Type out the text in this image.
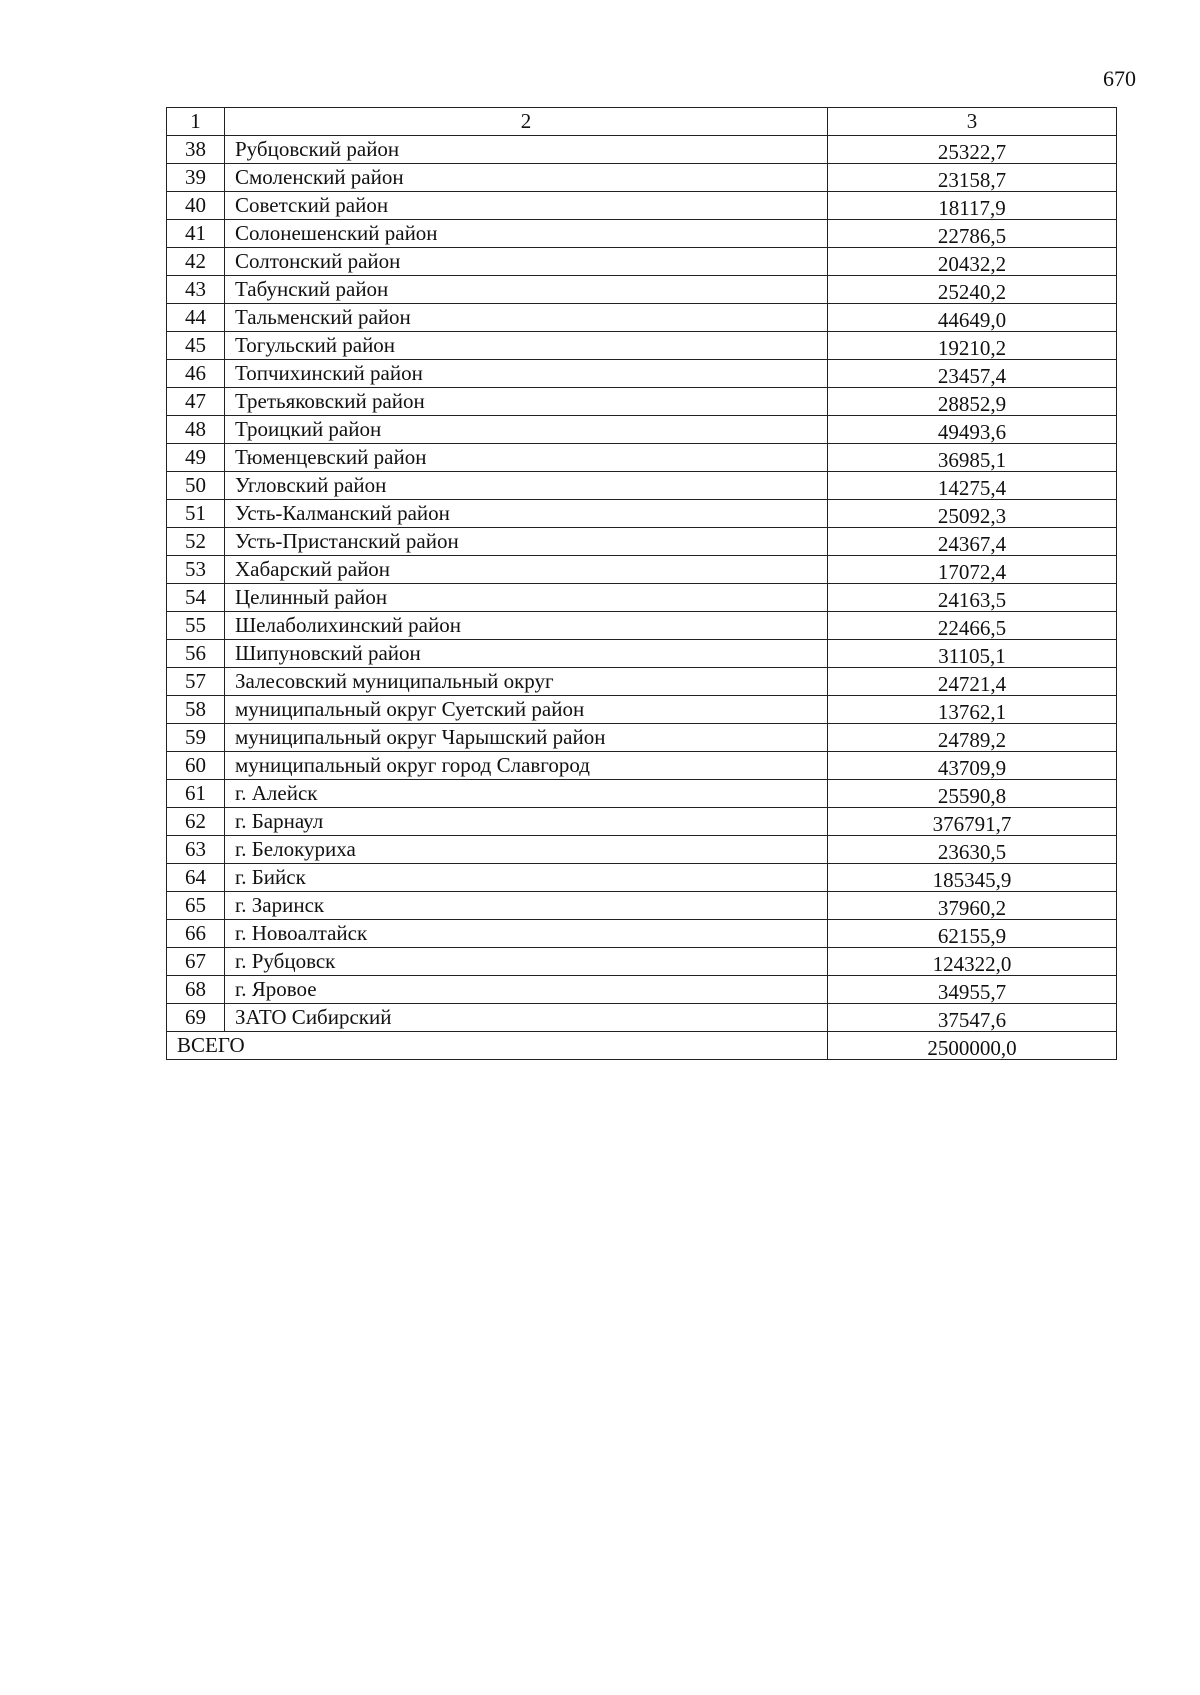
670
1	2	3
38	Рубцовский район	25322,7
39	Смоленский район	23158,7
40	Советский район	18117,9
41	Солонешенский район	22786,5
42	Солтонский район	20432,2
43	Табунский район	25240,2
44	Тальменский район	44649,0
45	Тогульский район	19210,2
46	Топчихинский район	23457,4
47	Третьяковский район	28852,9
48	Троицкий район	49493,6
49	Тюменцевский район	36985,1
50	Угловский район	14275,4
51	Усть-Калманский район	25092,3
52	Усть-Пристанский район	24367,4
53	Хабарский район	17072,4
54	Целинный район	24163,5
55	Шелаболихинский район	22466,5
56	Шипуновский район	31105,1
57	Залесовский муниципальный округ	24721,4
58	муниципальный округ Суетский район	13762,1
59	муниципальный округ Чарышский район	24789,2
60	муниципальный округ город Славгород	43709,9
61	г. Алейск	25590,8
62	г. Барнаул	376791,7
63	г. Белокуриха	23630,5
64	г. Бийск	185345,9
65	г. Заринск	37960,2
66	г. Новоалтайск	62155,9
67	г. Рубцовск	124322,0
68	г. Яровое	34955,7
69	ЗАТО Сибирский	37547,6
ВСЕГО		2500000,0
